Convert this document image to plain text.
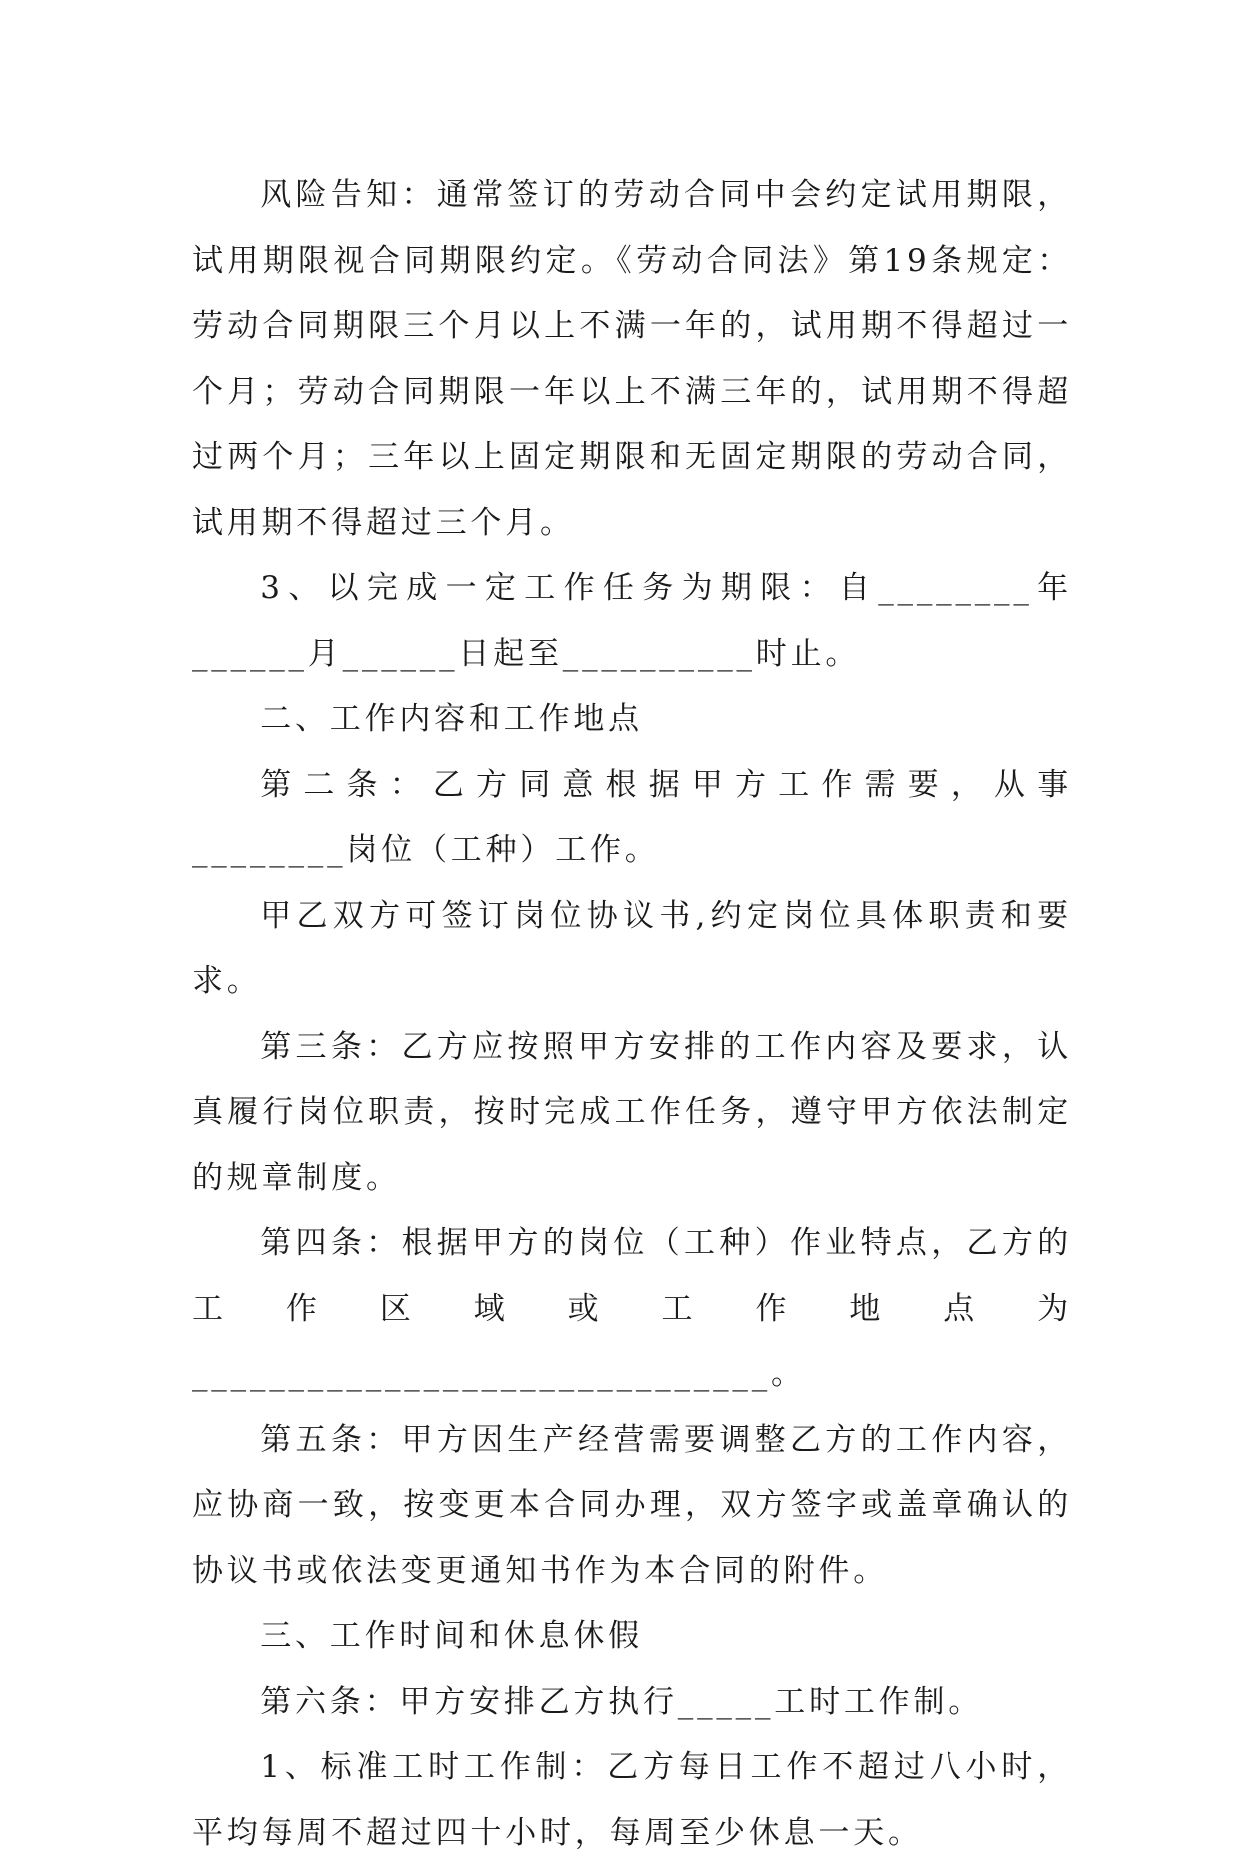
风险告知：通常签订的劳动合同中会约定试用期限，试用期限视合同期限约定。《劳动合同法》第19条规定：劳动合同期限三个月以上不满一年的，试用期不得超过一个月；劳动合同期限一年以上不满三年的，试用期不得超过两个月；三年以上固定期限和无固定期限的劳动合同，试用期不得超过三个月。

3、以完成一定工作任务为期限：自________年______月______日起至__________时止。

二、工作内容和工作地点

第二条：乙方同意根据甲方工作需要，从事________岗位（工种）工作。

甲乙双方可签订岗位协议书,约定岗位具体职责和要求。

第三条：乙方应按照甲方安排的工作内容及要求，认真履行岗位职责，按时完成工作任务，遵守甲方依法制定的规章制度。

第四条：根据甲方的岗位（工种）作业特点，乙方的工作区域或工作地点为______________________________。

第五条：甲方因生产经营需要调整乙方的工作内容，应协商一致，按变更本合同办理，双方签字或盖章确认的协议书或依法变更通知书作为本合同的附件。

三、工作时间和休息休假

第六条：甲方安排乙方执行_____工时工作制。

1、标准工时工作制：乙方每日工作不超过八小时，平均每周不超过四十小时，每周至少休息一天。
